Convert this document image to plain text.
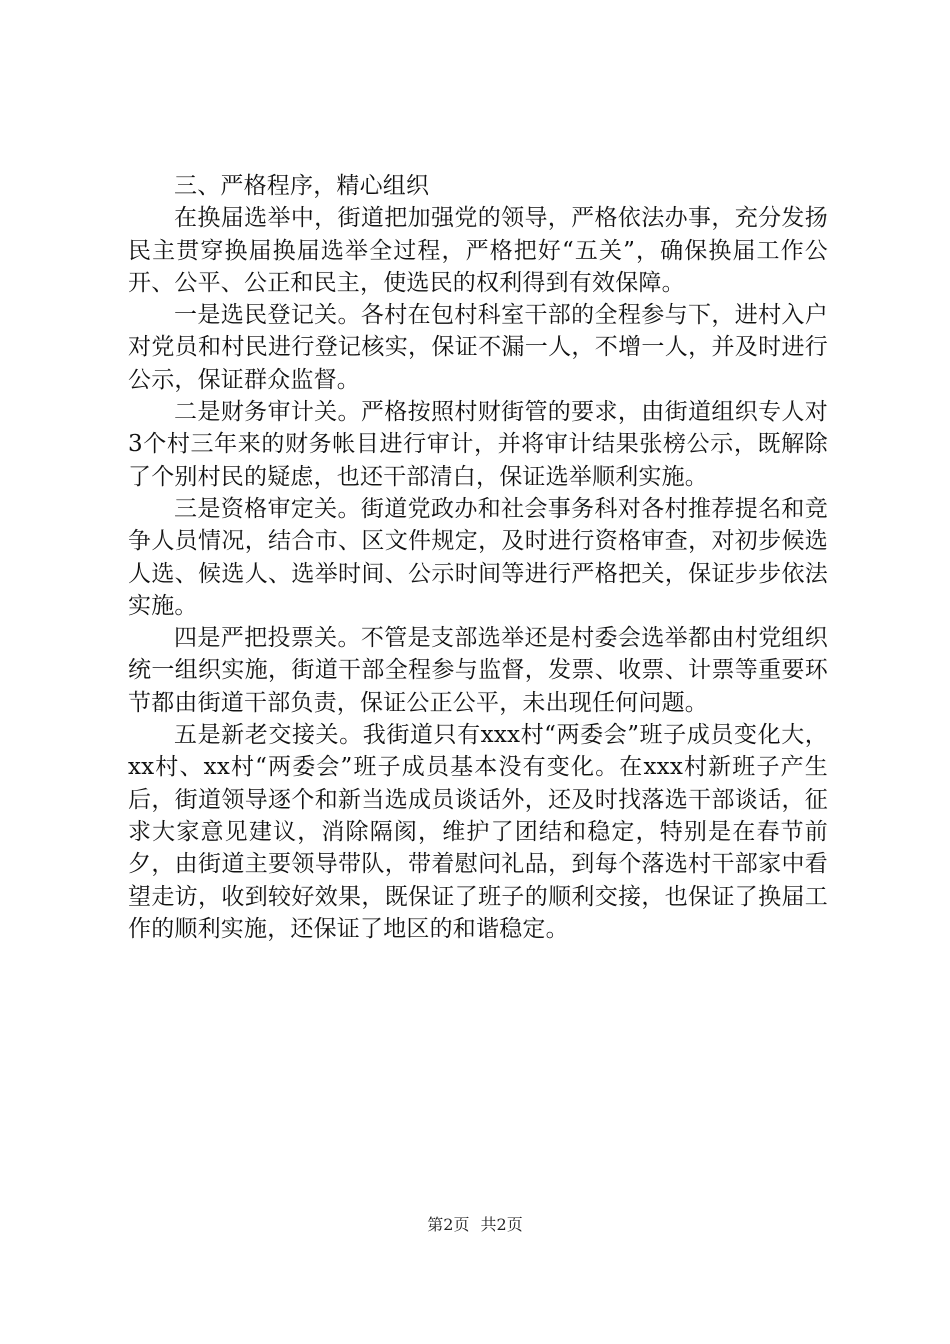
三、严格程序，精心组织

在换届选举中，街道把加强党的领导，严格依法办事，充分发扬民主贯穿换届换届选举全过程，严格把好“五关”，确保换届工作公开、公平、公正和民主，使选民的权利得到有效保障。

一是选民登记关。各村在包村科室干部的全程参与下，进村入户对党员和村民进行登记核实，保证不漏一人，不增一人，并及时进行公示，保证群众监督。

二是财务审计关。严格按照村财街管的要求，由街道组织专人对3个村三年来的财务帐目进行审计，并将审计结果张榜公示，既解除了个别村民的疑虑，也还干部清白，保证选举顺利实施。

三是资格审定关。街道党政办和社会事务科对各村推荐提名和竞争人员情况，结合市、区文件规定，及时进行资格审查，对初步候选人选、候选人、选举时间、公示时间等进行严格把关，保证步步依法实施。

四是严把投票关。不管是支部选举还是村委会选举都由村党组织统一组织实施，街道干部全程参与监督，发票、收票、计票等重要环节都由街道干部负责，保证公正公平，未出现任何问题。

五是新老交接关。我街道只有xxx村“两委会”班子成员变化大，xx村、xx村“两委会”班子成员基本没有变化。在xxx村新班子产生后，街道领导逐个和新当选成员谈话外，还及时找落选干部谈话，征求大家意见建议，消除隔阂，维护了团结和稳定，特别是在春节前夕，由街道主要领导带队，带着慰问礼品，到每个落选村干部家中看望走访，收到较好效果，既保证了班子的顺利交接，也保证了换届工作的顺利实施，还保证了地区的和谐稳定。

第2页 共2页
